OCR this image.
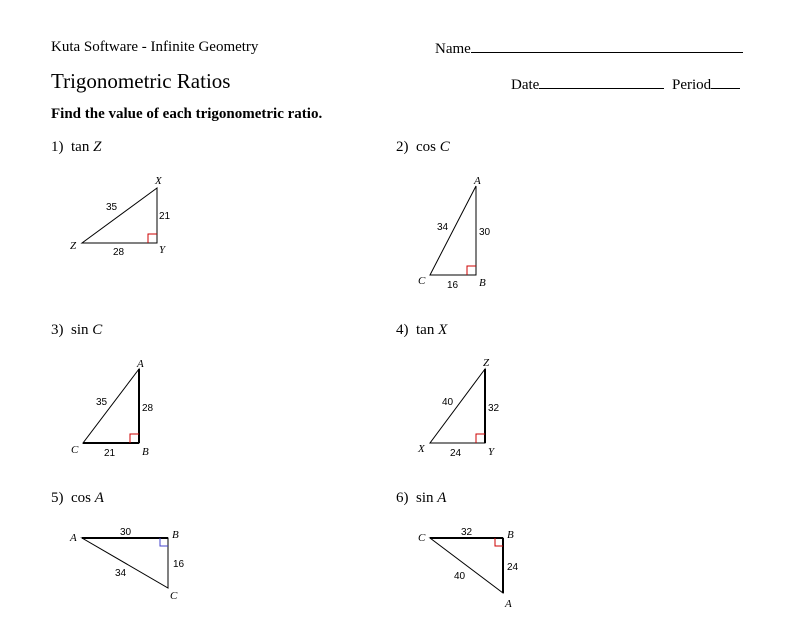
Kuta Software - Infinite Geometry	Name
Trigonometric Ratios	Date	Period
Find the value of each trigonometric ratio.
1) tan Z	2) cos C
3) sin C	4) tan X
5) cos A	6) sin A
X
Z	Y
35
21
28
A
C	B
34	30
16
A
C	B
35
28
21
Z
X	Y
40
32
24
A	B
C
30
16
34
C	B
A
32
24
40
